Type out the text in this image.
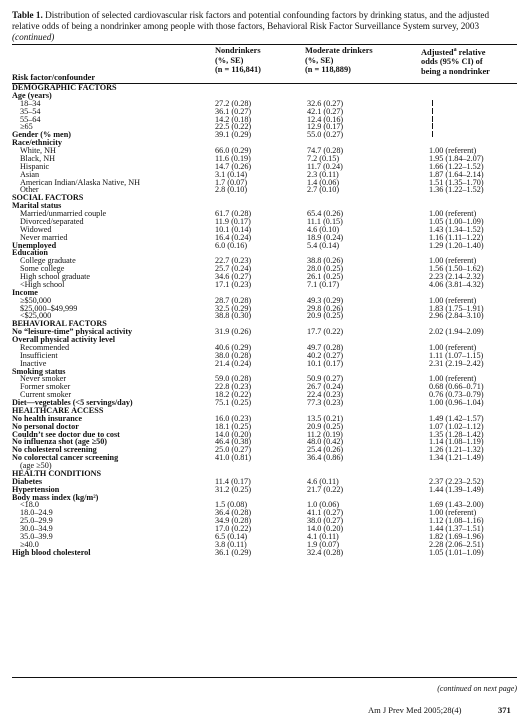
Table 1. Distribution of selected cardiovascular risk factors and potential confounding factors by drinking status, and the adjusted relative odds of being a nondrinker among people with those factors, Behavioral Risk Factor Surveillance System survey, 2003 (continued)
Risk factor/confounder
Nondrinkers
(%, SE)
(n = 116,841)
Moderate drinkers
(%, SE)
(n = 118,889)
Adjusted$^a$ relative
odds (95% CI) of
being a nondrinker
DEMOGRAPHIC FACTORS
Age (years)
18–34	27.2 (0.28)	32.6 (0.27)
35–54	36.1 (0.27)	42.1 (0.27)
55–64	14.2 (0.18)	12.4 (0.16)
≥65	22.5 (0.22)	12.9 (0.17)
Gender (% men)	39.1 (0.29)	55.0 (0.27)
Race/ethnicity
White, NH	66.0 (0.29)	74.7 (0.28)	1.00 (referent)
Black, NH	11.6 (0.19)	7.2 (0.15)	1.95 (1.84–2.07)
Hispanic	14.7 (0.26)	11.7 (0.24)	1.66 (1.22–1.52)
Asian	3.1 (0.14)	2.3 (0.11)	1.87 (1.64–2.14)
American Indian/Alaska Native, NH	1.7 (0.07)	1.4 (0.06)	1.51 (1.35–1.70)
Other	2.8 (0.10)	2.7 (0.10)	1.36 (1.22–1.52)
SOCIAL FACTORS
Marital status
Married/unmarried couple	61.7 (0.28)	65.4 (0.26)	1.00 (referent)
Divorced/separated	11.9 (0.17)	11.1 (0.15)	1.05 (1.00–1.09)
Widowed	10.1 (0.14)	4.6 (0.10)	1.43 (1.34–1.52)
Never married	16.4 (0.24)	18.9 (0.24)	1.16 (1.11–1.22)
Unemployed	6.0 (0.16)	5.4 (0.14)	1.29 (1.20–1.40)
Education
College graduate	22.7 (0.23)	38.8 (0.26)	1.00 (referent)
Some college	25.7 (0.24)	28.0 (0.25)	1.56 (1.50–1.62)
High school graduate	34.6 (0.27)	26.1 (0.25)	2.23 (2.14–2.32)
<High school	17.1 (0.23)	7.1 (0.17)	4.06 (3.81–4.32)
Income
≥$50,000	28.7 (0.28)	49.3 (0.29)	1.00 (referent)
$25,000–$49,999	32.5 (0.29)	29.8 (0.26)	1.83 (1.75–1.91)
<$25,000	38.8 (0.30)	20.9 (0.25)	2.96 (2.84–3.10)
BEHAVIORAL FACTORS
No “leisure-time” physical activity	31.9 (0.26)	17.7 (0.22)	2.02 (1.94–2.09)
Overall physical activity level
Recommended	40.6 (0.29)	49.7 (0.28)	1.00 (referent)
Insufficient	38.0 (0.28)	40.2 (0.27)	1.11 (1.07–1.15)
Inactive	21.4 (0.24)	10.1 (0.17)	2.31 (2.19–2.42)
Smoking status
Never smoker	59.0 (0.28)	50.9 (0.27)	1.00 (referent)
Former smoker	22.8 (0.23)	26.7 (0.24)	0.68 (0.66–0.71)
Current smoker	18.2 (0.22)	22.4 (0.23)	0.76 (0.73–0.79)
Diet—vegetables (<5 servings/day)	75.1 (0.25)	77.3 (0.23)	1.00 (0.96–1.04)
HEALTHCARE ACCESS
No health insurance	16.0 (0.23)	13.5 (0.21)	1.49 (1.42–1.57)
No personal doctor	18.1 (0.25)	20.9 (0.25)	1.07 (1.02–1.12)
Couldn’t see doctor due to cost	14.0 (0.20)	11.2 (0.19)	1.35 (1.28–1.42)
No influenza shot (age ≥50)	46.4 (0.38)	48.0 (0.42)	1.14 (1.08–1.19)
No cholesterol screening	25.0 (0.27)	25.4 (0.26)	1.26 (1.21–1.32)
No colorectal cancer screening	41.0 (0.81)	36.4 (0.86)	1.34 (1.21–1.49)
(age ≥50)
HEALTH CONDITIONS
Diabetes	11.4 (0.17)	4.6 (0.11)	2.37 (2.23–2.52)
Hypertension	31.2 (0.25)	21.7 (0.22)	1.44 (1.39–1.49)
Body mass index (kg/m²)
<18.0	1.5 (0.08)	1.0 (0.06)	1.69 (1.43–2.00)
18.0–24.9	36.4 (0.28)	41.1 (0.27)	1.00 (referent)
25.0–29.9	34.9 (0.28)	38.0 (0.27)	1.12 (1.08–1.16)
30.0–34.9	17.0 (0.22)	14.0 (0.20)	1.44 (1.37–1.51)
35.0–39.9	6.5 (0.14)	4.1 (0.11)	1.82 (1.69–1.96)
≥40.0	3.8 (0.11)	1.9 (0.07)	2.28 (2.06–2.51)
High blood cholesterol	36.1 (0.29)	32.4 (0.28)	1.05 (1.01–1.09)
(continued on next page)
Am J Prev Med 2005;28(4)	371
